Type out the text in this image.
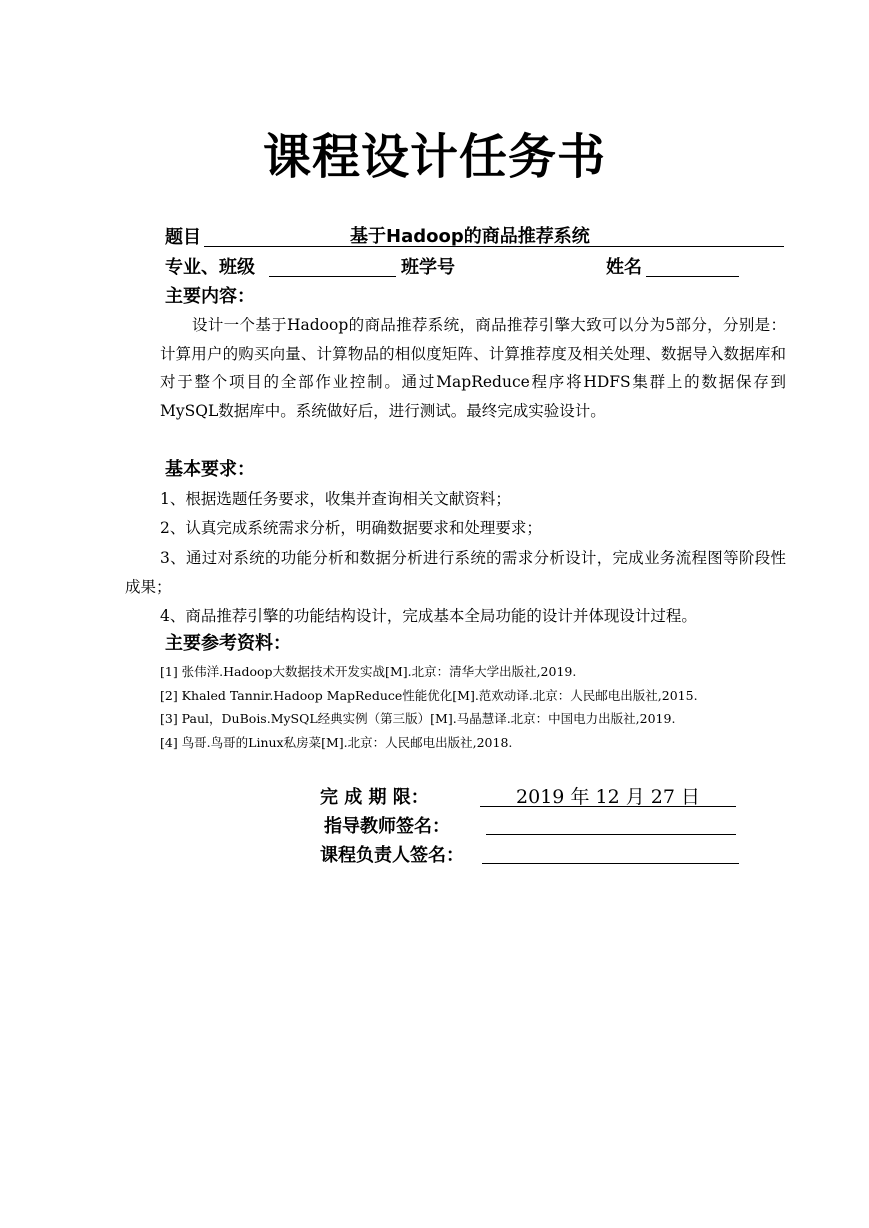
课程设计任务书
题目	基于Hadoop的商品推荐系统
专业、班级	班学号	姓名
主要内容：
设计一个基于Hadoop的商品推荐系统，商品推荐引擎大致可以分为5部分，分别是：计算用户的购买向量、计算物品的相似度矩阵、计算推荐度及相关处理、数据导入数据库和对于整个项目的全部作业控制。通过MapReduce程序将HDFS集群上的数据保存到MySQL数据库中。系统做好后，进行测试。最终完成实验设计。
基本要求：
1、根据选题任务要求，收集并查询相关文献资料；
2、认真完成系统需求分析，明确数据要求和处理要求；
3、通过对系统的功能分析和数据分析进行系统的需求分析设计，完成业务流程图等阶段性成果；
4、商品推荐引擎的功能结构设计，完成基本全局功能的设计并体现设计过程。
主要参考资料：
[1] 张伟洋.Hadoop大数据技术开发实战[M].北京：清华大学出版社,2019.
[2] Khaled Tannir.Hadoop MapReduce性能优化[M].范欢动译.北京：人民邮电出版社,2015.
[3] Paul，DuBois.MySQL经典实例（第三版）[M].马晶慧译.北京：中国电力出版社,2019.
[4] 鸟哥.鸟哥的Linux私房菜[M].北京：人民邮电出版社,2018.
完 成 期 限：	2019 年 12 月 27 日
指导教师签名：
课程负责人签名：
